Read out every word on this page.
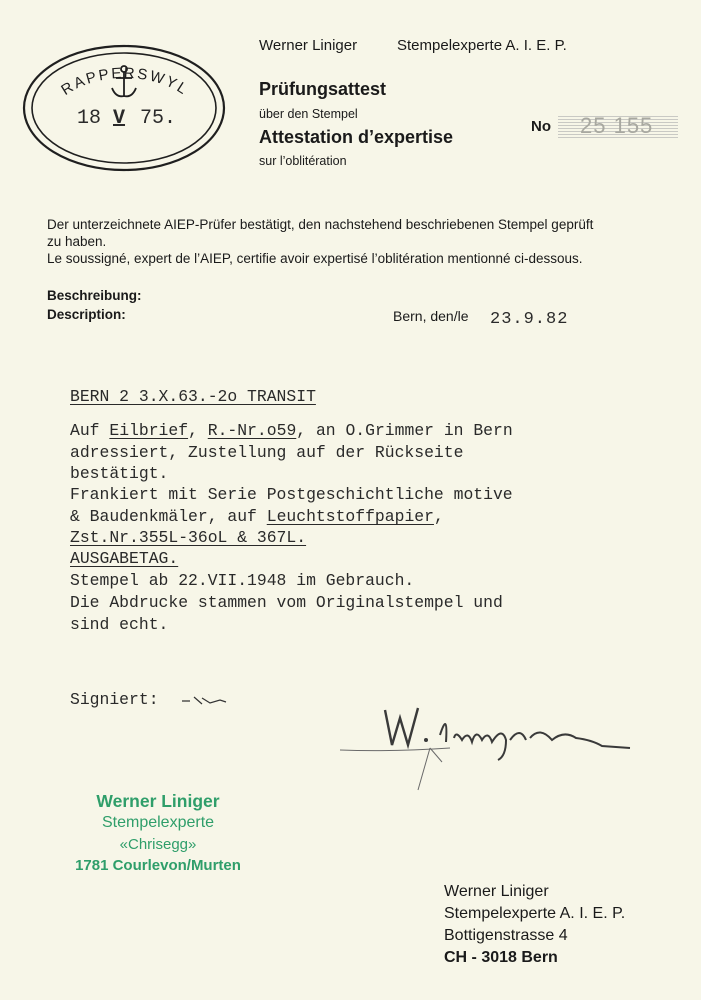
RAPPERSWYL
18 V 75.
Werner Liniger	Stempelexperte A. I. E. P.
Prüfungsattest
über den Stempel
Attestation d’expertise
sur l’oblitération
No 25 155
Der unterzeichnete AIEP-Prüfer bestätigt, den nachstehend beschriebenen Stempel geprüft
zu haben.
Le soussigné, expert de l’AIEP, certifie avoir expertisé l’oblitération mentionné ci-dessous.
Beschreibung:
Description:	Bern, den/le 23.9.82
BERN 2 3.X.63.-2o TRANSIT
Auf Eilbrief, R.-Nr.o59, an O.Grimmer in Bern
adressiert, Zustellung auf der Rückseite
bestätigt.
Frankiert mit Serie Postgeschichtliche motive
& Baudenkmäler, auf Leuchtstoffpapier,
Zst.Nr.355L-36oL & 367L.
AUSGABETAG.
Stempel ab 22.VII.1948 im Gebrauch.
Die Abdrucke stammen vom Originalstempel und
sind echt.
Signiert:
Werner Liniger
Stempelexperte
«Chrisegg»
1781 Courlevon/Murten
Werner Liniger
Stempelexperte A. I. E. P.
Bottigenstrasse 4
CH - 3018 Bern
